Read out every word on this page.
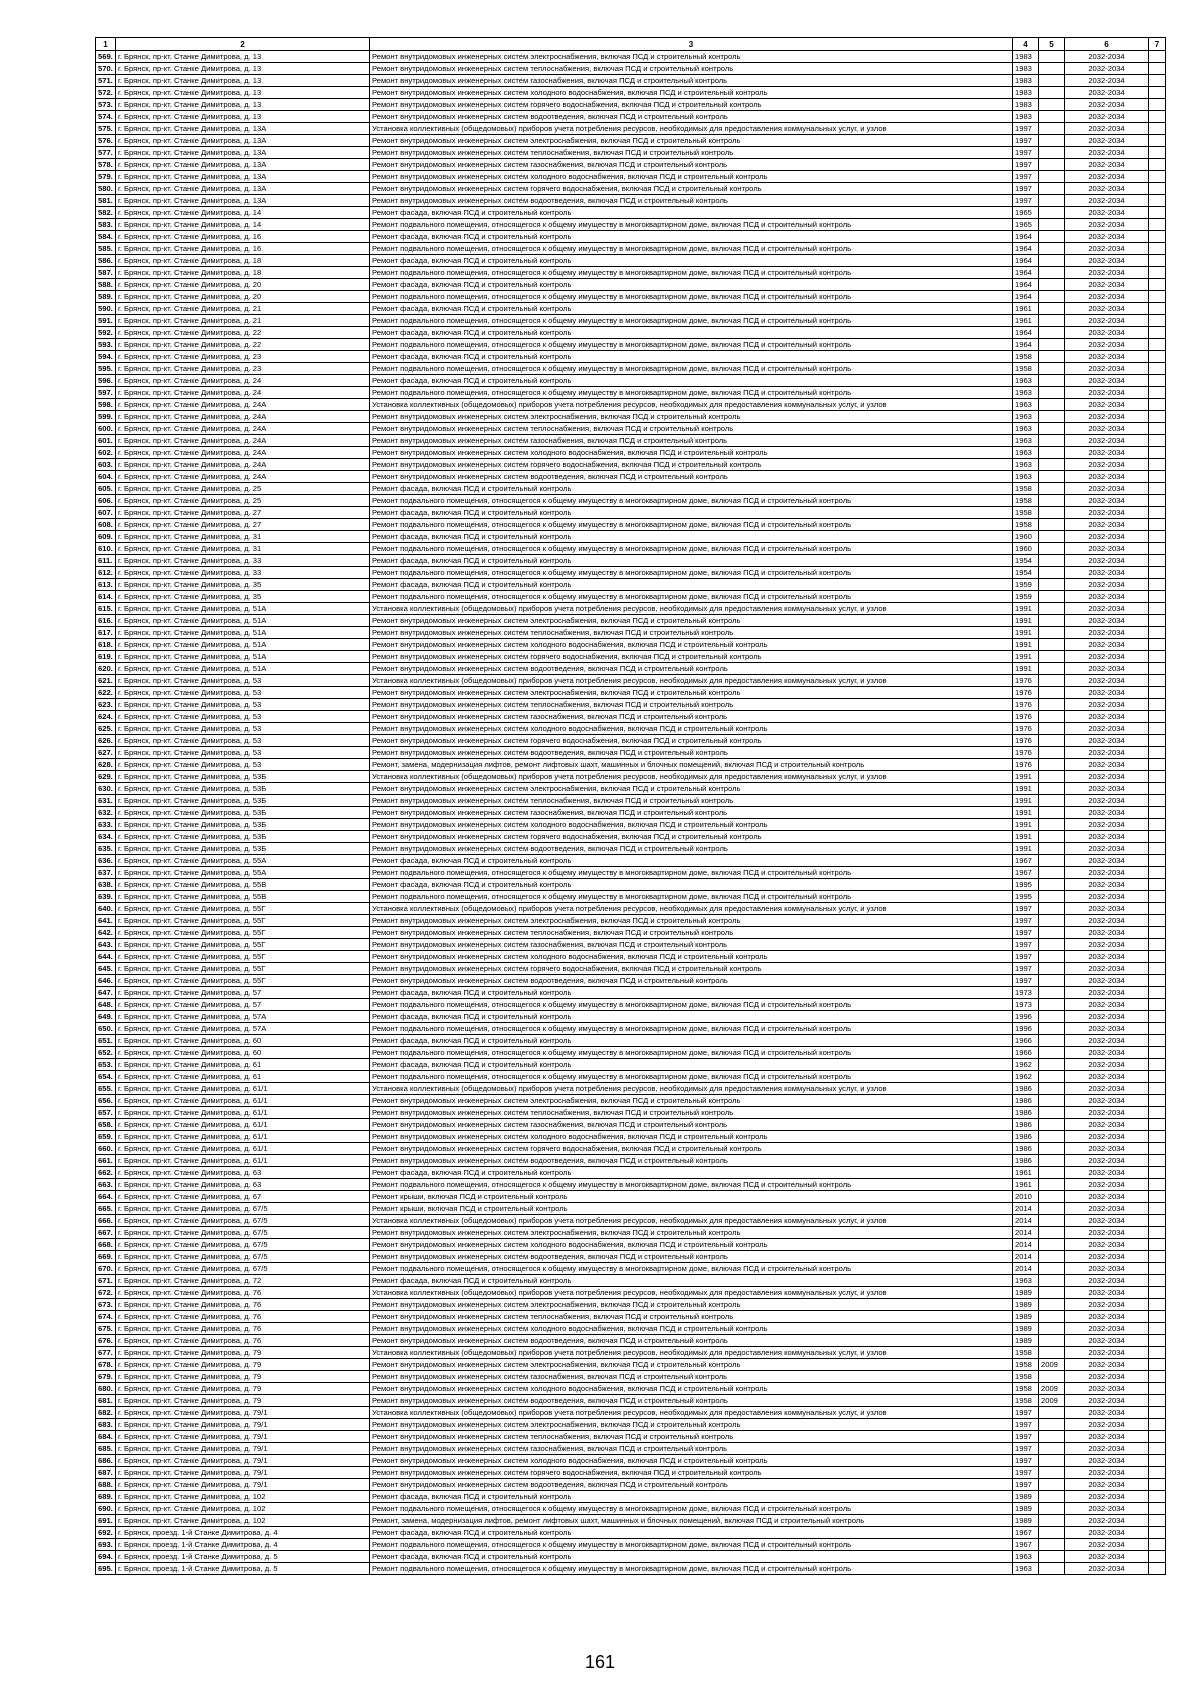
1	2	3	4	5	6	7
569.	г. Брянск, пр-кт. Станке Димитрова, д. 13	Ремонт внутридомовых инженерных систем электроснабжения, включая ПСД и строительный контроль	1983		2032-2034	
570.	г. Брянск, пр-кт. Станке Димитрова, д. 13	Ремонт внутридомовых инженерных систем теплоснабжения, включая ПСД и строительный контроль	1983		2032-2034	
571.	г. Брянск, пр-кт. Станке Димитрова, д. 13	Ремонт внутридомовых инженерных систем газоснабжения, включая ПСД и строительный контроль	1983		2032-2034	
572.	г. Брянск, пр-кт. Станке Димитрова, д. 13	Ремонт внутридомовых инженерных систем холодного водоснабжения, включая ПСД и строительный контроль	1983		2032-2034	
573.	г. Брянск, пр-кт. Станке Димитрова, д. 13	Ремонт внутридомовых инженерных систем горячего водоснабжения, включая ПСД и строительный контроль	1983		2032-2034	
574.	г. Брянск, пр-кт. Станке Димитрова, д. 13	Ремонт внутридомовых инженерных систем водоотведения, включая ПСД и строительный контроль	1983		2032-2034	
575.	г. Брянск, пр-кт. Станке Димитрова, д. 13А	Установка коллективных (общедомовых) приборов учета потребления ресурсов, необходимых для предоставления коммунальных услуг, и узлов	1997		2032-2034	
576.	г. Брянск, пр-кт. Станке Димитрова, д. 13А	Ремонт внутридомовых инженерных систем электроснабжения, включая ПСД и строительный контроль	1997		2032-2034	
577.	г. Брянск, пр-кт. Станке Димитрова, д. 13А	Ремонт внутридомовых инженерных систем теплоснабжения, включая ПСД и строительный контроль	1997		2032-2034	
578.	г. Брянск, пр-кт. Станке Димитрова, д. 13А	Ремонт внутридомовых инженерных систем газоснабжения, включая ПСД и строительный контроль	1997		2032-2034	
579.	г. Брянск, пр-кт. Станке Димитрова, д. 13А	Ремонт внутридомовых инженерных систем холодного водоснабжения, включая ПСД и строительный контроль	1997		2032-2034	
580.	г. Брянск, пр-кт. Станке Димитрова, д. 13А	Ремонт внутридомовых инженерных систем горячего водоснабжения, включая ПСД и строительный контроль	1997		2032-2034	
581.	г. Брянск, пр-кт. Станке Димитрова, д. 13А	Ремонт внутридомовых инженерных систем водоотведения, включая ПСД и строительный контроль	1997		2032-2034	
582.	г. Брянск, пр-кт. Станке Димитрова, д. 14	Ремонт фасада, включая ПСД и строительный контроль	1965		2032-2034	
583.	г. Брянск, пр-кт. Станке Димитрова, д. 14	Ремонт подвального помещения, относящегося к общему имуществу в многоквартирном доме, включая ПСД и строительный контроль	1965		2032-2034	
584.	г. Брянск, пр-кт. Станке Димитрова, д. 16	Ремонт фасада, включая ПСД и строительный контроль	1964		2032-2034	
585.	г. Брянск, пр-кт. Станке Димитрова, д. 16	Ремонт подвального помещения, относящегося к общему имуществу в многоквартирном доме, включая ПСД и строительный контроль	1964		2032-2034	
586.	г. Брянск, пр-кт. Станке Димитрова, д. 18	Ремонт фасада, включая ПСД и строительный контроль	1964		2032-2034	
587.	г. Брянск, пр-кт. Станке Димитрова, д. 18	Ремонт подвального помещения, относящегося к общему имуществу в многоквартирном доме, включая ПСД и строительный контроль	1964		2032-2034	
588.	г. Брянск, пр-кт. Станке Димитрова, д. 20	Ремонт фасада, включая ПСД и строительный контроль	1964		2032-2034	
589.	г. Брянск, пр-кт. Станке Димитрова, д. 20	Ремонт подвального помещения, относящегося к общему имуществу в многоквартирном доме, включая ПСД и строительный контроль	1964		2032-2034	
590.	г. Брянск, пр-кт. Станке Димитрова, д. 21	Ремонт фасада, включая ПСД и строительный контроль	1961		2032-2034	
591.	г. Брянск, пр-кт. Станке Димитрова, д. 21	Ремонт подвального помещения, относящегося к общему имуществу в многоквартирном доме, включая ПСД и строительный контроль	1961		2032-2034	
592.	г. Брянск, пр-кт. Станке Димитрова, д. 22	Ремонт фасада, включая ПСД и строительный контроль	1964		2032-2034	
593.	г. Брянск, пр-кт. Станке Димитрова, д. 22	Ремонт подвального помещения, относящегося к общему имуществу в многоквартирном доме, включая ПСД и строительный контроль	1964		2032-2034	
594.	г. Брянск, пр-кт. Станке Димитрова, д. 23	Ремонт фасада, включая ПСД и строительный контроль	1958		2032-2034	
595.	г. Брянск, пр-кт. Станке Димитрова, д. 23	Ремонт подвального помещения, относящегося к общему имуществу в многоквартирном доме, включая ПСД и строительный контроль	1958		2032-2034	
596.	г. Брянск, пр-кт. Станке Димитрова, д. 24	Ремонт фасада, включая ПСД и строительный контроль	1963		2032-2034	
597.	г. Брянск, пр-кт. Станке Димитрова, д. 24	Ремонт подвального помещения, относящегося к общему имуществу в многоквартирном доме, включая ПСД и строительный контроль	1963		2032-2034	
598.	г. Брянск, пр-кт. Станке Димитрова, д. 24А	Установка коллективных (общедомовых) приборов учета потребления ресурсов, необходимых для предоставления коммунальных услуг, и узлов	1963		2032-2034	
599.	г. Брянск, пр-кт. Станке Димитрова, д. 24А	Ремонт внутридомовых инженерных систем электроснабжения, включая ПСД и строительный контроль	1963		2032-2034	
600.	г. Брянск, пр-кт. Станке Димитрова, д. 24А	Ремонт внутридомовых инженерных систем теплоснабжения, включая ПСД и строительный контроль	1963		2032-2034	
601.	г. Брянск, пр-кт. Станке Димитрова, д. 24А	Ремонт внутридомовых инженерных систем газоснабжения, включая ПСД и строительный контроль	1963		2032-2034	
602.	г. Брянск, пр-кт. Станке Димитрова, д. 24А	Ремонт внутридомовых инженерных систем холодного водоснабжения, включая ПСД и строительный контроль	1963		2032-2034	
603.	г. Брянск, пр-кт. Станке Димитрова, д. 24А	Ремонт внутридомовых инженерных систем горячего водоснабжения, включая ПСД и строительный контроль	1963		2032-2034	
604.	г. Брянск, пр-кт. Станке Димитрова, д. 24А	Ремонт внутридомовых инженерных систем водоотведения, включая ПСД и строительный контроль	1963		2032-2034	
605.	г. Брянск, пр-кт. Станке Димитрова, д. 25	Ремонт фасада, включая ПСД и строительный контроль	1958		2032-2034	
606.	г. Брянск, пр-кт. Станке Димитрова, д. 25	Ремонт подвального помещения, относящегося к общему имуществу в многоквартирном доме, включая ПСД и строительный контроль	1958		2032-2034	
607.	г. Брянск, пр-кт. Станке Димитрова, д. 27	Ремонт фасада, включая ПСД и строительный контроль	1958		2032-2034	
608.	г. Брянск, пр-кт. Станке Димитрова, д. 27	Ремонт подвального помещения, относящегося к общему имуществу в многоквартирном доме, включая ПСД и строительный контроль	1958		2032-2034	
609.	г. Брянск, пр-кт. Станке Димитрова, д. 31	Ремонт фасада, включая ПСД и строительный контроль	1960		2032-2034	
610.	г. Брянск, пр-кт. Станке Димитрова, д. 31	Ремонт подвального помещения, относящегося к общему имуществу в многоквартирном доме, включая ПСД и строительный контроль	1960		2032-2034	
611.	г. Брянск, пр-кт. Станке Димитрова, д. 33	Ремонт фасада, включая ПСД и строительный контроль	1954		2032-2034	
612.	г. Брянск, пр-кт. Станке Димитрова, д. 33	Ремонт подвального помещения, относящегося к общему имуществу в многоквартирном доме, включая ПСД и строительный контроль	1954		2032-2034	
613.	г. Брянск, пр-кт. Станке Димитрова, д. 35	Ремонт фасада, включая ПСД и строительный контроль	1959		2032-2034	
614.	г. Брянск, пр-кт. Станке Димитрова, д. 35	Ремонт подвального помещения, относящегося к общему имуществу в многоквартирном доме, включая ПСД и строительный контроль	1959		2032-2034	
615.	г. Брянск, пр-кт. Станке Димитрова, д. 51А	Установка коллективных (общедомовых) приборов учета потребления ресурсов, необходимых для предоставления коммунальных услуг, и узлов	1991		2032-2034	
616.	г. Брянск, пр-кт. Станке Димитрова, д. 51А	Ремонт внутридомовых инженерных систем электроснабжения, включая ПСД и строительный контроль	1991		2032-2034	
617.	г. Брянск, пр-кт. Станке Димитрова, д. 51А	Ремонт внутридомовых инженерных систем теплоснабжения, включая ПСД и строительный контроль	1991		2032-2034	
618.	г. Брянск, пр-кт. Станке Димитрова, д. 51А	Ремонт внутридомовых инженерных систем холодного водоснабжения, включая ПСД и строительный контроль	1991		2032-2034	
619.	г. Брянск, пр-кт. Станке Димитрова, д. 51А	Ремонт внутридомовых инженерных систем горячего водоснабжения, включая ПСД и строительный контроль	1991		2032-2034	
620.	г. Брянск, пр-кт. Станке Димитрова, д. 51А	Ремонт внутридомовых инженерных систем водоотведения, включая ПСД и строительный контроль	1991		2032-2034	
621.	г. Брянск, пр-кт. Станке Димитрова, д. 53	Установка коллективных (общедомовых) приборов учета потребления ресурсов, необходимых для предоставления коммунальных услуг, и узлов	1976		2032-2034	
622.	г. Брянск, пр-кт. Станке Димитрова, д. 53	Ремонт внутридомовых инженерных систем электроснабжения, включая ПСД и строительный контроль	1976		2032-2034	
623.	г. Брянск, пр-кт. Станке Димитрова, д. 53	Ремонт внутридомовых инженерных систем теплоснабжения, включая ПСД и строительный контроль	1976		2032-2034	
624.	г. Брянск, пр-кт. Станке Димитрова, д. 53	Ремонт внутридомовых инженерных систем газоснабжения, включая ПСД и строительный контроль	1976		2032-2034	
625.	г. Брянск, пр-кт. Станке Димитрова, д. 53	Ремонт внутридомовых инженерных систем холодного водоснабжения, включая ПСД и строительный контроль	1976		2032-2034	
626.	г. Брянск, пр-кт. Станке Димитрова, д. 53	Ремонт внутридомовых инженерных систем горячего водоснабжения, включая ПСД и строительный контроль	1976		2032-2034	
627.	г. Брянск, пр-кт. Станке Димитрова, д. 53	Ремонт внутридомовых инженерных систем водоотведения, включая ПСД и строительный контроль	1976		2032-2034	
628.	г. Брянск, пр-кт. Станке Димитрова, д. 53	Ремонт, замена, модернизация лифтов, ремонт лифтовых шахт, машинных и блочных помещений, включая ПСД и строительный контроль	1976		2032-2034	
629.	г. Брянск, пр-кт. Станке Димитрова, д. 53Б	Установка коллективных (общедомовых) приборов учета потребления ресурсов, необходимых для предоставления коммунальных услуг, и узлов	1991		2032-2034	
630.	г. Брянск, пр-кт. Станке Димитрова, д. 53Б	Ремонт внутридомовых инженерных систем электроснабжения, включая ПСД и строительный контроль	1991		2032-2034	
631.	г. Брянск, пр-кт. Станке Димитрова, д. 53Б	Ремонт внутридомовых инженерных систем теплоснабжения, включая ПСД и строительный контроль	1991		2032-2034	
632.	г. Брянск, пр-кт. Станке Димитрова, д. 53Б	Ремонт внутридомовых инженерных систем газоснабжения, включая ПСД и строительный контроль	1991		2032-2034	
633.	г. Брянск, пр-кт. Станке Димитрова, д. 53Б	Ремонт внутридомовых инженерных систем холодного водоснабжения, включая ПСД и строительный контроль	1991		2032-2034	
634.	г. Брянск, пр-кт. Станке Димитрова, д. 53Б	Ремонт внутридомовых инженерных систем горячего водоснабжения, включая ПСД и строительный контроль	1991		2032-2034	
635.	г. Брянск, пр-кт. Станке Димитрова, д. 53Б	Ремонт внутридомовых инженерных систем водоотведения, включая ПСД и строительный контроль	1991		2032-2034	
636.	г. Брянск, пр-кт. Станке Димитрова, д. 55А	Ремонт фасада, включая ПСД и строительный контроль	1967		2032-2034	
637.	г. Брянск, пр-кт. Станке Димитрова, д. 55А	Ремонт подвального помещения, относящегося к общему имуществу в многоквартирном доме, включая ПСД и строительный контроль	1967		2032-2034	
638.	г. Брянск, пр-кт. Станке Димитрова, д. 55В	Ремонт фасада, включая ПСД и строительный контроль	1995		2032-2034	
639.	г. Брянск, пр-кт. Станке Димитрова, д. 55В	Ремонт подвального помещения, относящегося к общему имуществу в многоквартирном доме, включая ПСД и строительный контроль	1995		2032-2034	
640.	г. Брянск, пр-кт. Станке Димитрова, д. 55Г	Установка коллективных (общедомовых) приборов учета потребления ресурсов, необходимых для предоставления коммунальных услуг, и узлов	1997		2032-2034	
641.	г. Брянск, пр-кт. Станке Димитрова, д. 55Г	Ремонт внутридомовых инженерных систем электроснабжения, включая ПСД и строительный контроль	1997		2032-2034	
642.	г. Брянск, пр-кт. Станке Димитрова, д. 55Г	Ремонт внутридомовых инженерных систем теплоснабжения, включая ПСД и строительный контроль	1997		2032-2034	
643.	г. Брянск, пр-кт. Станке Димитрова, д. 55Г	Ремонт внутридомовых инженерных систем газоснабжения, включая ПСД и строительный контроль	1997		2032-2034	
644.	г. Брянск, пр-кт. Станке Димитрова, д. 55Г	Ремонт внутридомовых инженерных систем холодного водоснабжения, включая ПСД и строительный контроль	1997		2032-2034	
645.	г. Брянск, пр-кт. Станке Димитрова, д. 55Г	Ремонт внутридомовых инженерных систем горячего водоснабжения, включая ПСД и строительный контроль	1997		2032-2034	
646.	г. Брянск, пр-кт. Станке Димитрова, д. 55Г	Ремонт внутридомовых инженерных систем водоотведения, включая ПСД и строительный контроль	1997		2032-2034	
647.	г. Брянск, пр-кт. Станке Димитрова, д. 57	Ремонт фасада, включая ПСД и строительный контроль	1973		2032-2034	
648.	г. Брянск, пр-кт. Станке Димитрова, д. 57	Ремонт подвального помещения, относящегося к общему имуществу в многоквартирном доме, включая ПСД и строительный контроль	1973		2032-2034	
649.	г. Брянск, пр-кт. Станке Димитрова, д. 57А	Ремонт фасада, включая ПСД и строительный контроль	1996		2032-2034	
650.	г. Брянск, пр-кт. Станке Димитрова, д. 57А	Ремонт подвального помещения, относящегося к общему имуществу в многоквартирном доме, включая ПСД и строительный контроль	1996		2032-2034	
651.	г. Брянск, пр-кт. Станке Димитрова, д. 60	Ремонт фасада, включая ПСД и строительный контроль	1966		2032-2034	
652.	г. Брянск, пр-кт. Станке Димитрова, д. 60	Ремонт подвального помещения, относящегося к общему имуществу в многоквартирном доме, включая ПСД и строительный контроль	1966		2032-2034	
653.	г. Брянск, пр-кт. Станке Димитрова, д. 61	Ремонт фасада, включая ПСД и строительный контроль	1962		2032-2034	
654.	г. Брянск, пр-кт. Станке Димитрова, д. 61	Ремонт подвального помещения, относящегося к общему имуществу в многоквартирном доме, включая ПСД и строительный контроль	1962		2032-2034	
655.	г. Брянск, пр-кт. Станке Димитрова, д. 61/1	Установка коллективных (общедомовых) приборов учета потребления ресурсов, необходимых для предоставления коммунальных услуг, и узлов	1986		2032-2034	
656.	г. Брянск, пр-кт. Станке Димитрова, д. 61/1	Ремонт внутридомовых инженерных систем электроснабжения, включая ПСД и строительный контроль	1986		2032-2034	
657.	г. Брянск, пр-кт. Станке Димитрова, д. 61/1	Ремонт внутридомовых инженерных систем теплоснабжения, включая ПСД и строительный контроль	1986		2032-2034	
658.	г. Брянск, пр-кт. Станке Димитрова, д. 61/1	Ремонт внутридомовых инженерных систем газоснабжения, включая ПСД и строительный контроль	1986		2032-2034	
659.	г. Брянск, пр-кт. Станке Димитрова, д. 61/1	Ремонт внутридомовых инженерных систем холодного водоснабжения, включая ПСД и строительный контроль	1986		2032-2034	
660.	г. Брянск, пр-кт. Станке Димитрова, д. 61/1	Ремонт внутридомовых инженерных систем горячего водоснабжения, включая ПСД и строительный контроль	1986		2032-2034	
661.	г. Брянск, пр-кт. Станке Димитрова, д. 61/1	Ремонт внутридомовых инженерных систем водоотведения, включая ПСД и строительный контроль	1986		2032-2034	
662.	г. Брянск, пр-кт. Станке Димитрова, д. 63	Ремонт фасада, включая ПСД и строительный контроль	1961		2032-2034	
663.	г. Брянск, пр-кт. Станке Димитрова, д. 63	Ремонт подвального помещения, относящегося к общему имуществу в многоквартирном доме, включая ПСД и строительный контроль	1961		2032-2034	
664.	г. Брянск, пр-кт. Станке Димитрова, д. 67	Ремонт крыши, включая ПСД и строительный контроль	2010		2032-2034	
665.	г. Брянск, пр-кт. Станке Димитрова, д. 67/5	Ремонт крыши, включая ПСД и строительный контроль	2014		2032-2034	
666.	г. Брянск, пр-кт. Станке Димитрова, д. 67/5	Установка коллективных (общедомовых) приборов учета потребления ресурсов, необходимых для предоставления коммунальных услуг, и узлов	2014		2032-2034	
667.	г. Брянск, пр-кт. Станке Димитрова, д. 67/5	Ремонт внутридомовых инженерных систем электроснабжения, включая ПСД и строительный контроль	2014		2032-2034	
668.	г. Брянск, пр-кт. Станке Димитрова, д. 67/5	Ремонт внутридомовых инженерных систем холодного водоснабжения, включая ПСД и строительный контроль	2014		2032-2034	
669.	г. Брянск, пр-кт. Станке Димитрова, д. 67/5	Ремонт внутридомовых инженерных систем водоотведения, включая ПСД и строительный контроль	2014		2032-2034	
670.	г. Брянск, пр-кт. Станке Димитрова, д. 67/5	Ремонт подвального помещения, относящегося к общему имуществу в многоквартирном доме, включая ПСД и строительный контроль	2014		2032-2034	
671.	г. Брянск, пр-кт. Станке Димитрова, д. 72	Ремонт фасада, включая ПСД и строительный контроль	1963		2032-2034	
672.	г. Брянск, пр-кт. Станке Димитрова, д. 76	Установка коллективных (общедомовых) приборов учета потребления ресурсов, необходимых для предоставления коммунальных услуг, и узлов	1989		2032-2034	
673.	г. Брянск, пр-кт. Станке Димитрова, д. 76	Ремонт внутридомовых инженерных систем электроснабжения, включая ПСД и строительный контроль	1989		2032-2034	
674.	г. Брянск, пр-кт. Станке Димитрова, д. 76	Ремонт внутридомовых инженерных систем теплоснабжения, включая ПСД и строительный контроль	1989		2032-2034	
675.	г. Брянск, пр-кт. Станке Димитрова, д. 76	Ремонт внутридомовых инженерных систем холодного водоснабжения, включая ПСД и строительный контроль	1989		2032-2034	
676.	г. Брянск, пр-кт. Станке Димитрова, д. 76	Ремонт внутридомовых инженерных систем водоотведения, включая ПСД и строительный контроль	1989		2032-2034	
677.	г. Брянск, пр-кт. Станке Димитрова, д. 79	Установка коллективных (общедомовых) приборов учета потребления ресурсов, необходимых для предоставления коммунальных услуг, и узлов	1958		2032-2034	
678.	г. Брянск, пр-кт. Станке Димитрова, д. 79	Ремонт внутридомовых инженерных систем электроснабжения, включая ПСД и строительный контроль	1958	2009	2032-2034	
679.	г. Брянск, пр-кт. Станке Димитрова, д. 79	Ремонт внутридомовых инженерных систем газоснабжения, включая ПСД и строительный контроль	1958		2032-2034	
680.	г. Брянск, пр-кт. Станке Димитрова, д. 79	Ремонт внутридомовых инженерных систем холодного водоснабжения, включая ПСД и строительный контроль	1958	2009	2032-2034	
681.	г. Брянск, пр-кт. Станке Димитрова, д. 79	Ремонт внутридомовых инженерных систем водоотведения, включая ПСД и строительный контроль	1958	2009	2032-2034	
682.	г. Брянск, пр-кт. Станке Димитрова, д. 79/1	Установка коллективных (общедомовых) приборов учета потребления ресурсов, необходимых для предоставления коммунальных услуг, и узлов	1997		2032-2034	
683.	г. Брянск, пр-кт. Станке Димитрова, д. 79/1	Ремонт внутридомовых инженерных систем электроснабжения, включая ПСД и строительный контроль	1997		2032-2034	
684.	г. Брянск, пр-кт. Станке Димитрова, д. 79/1	Ремонт внутридомовых инженерных систем теплоснабжения, включая ПСД и строительный контроль	1997		2032-2034	
685.	г. Брянск, пр-кт. Станке Димитрова, д. 79/1	Ремонт внутридомовых инженерных систем газоснабжения, включая ПСД и строительный контроль	1997		2032-2034	
686.	г. Брянск, пр-кт. Станке Димитрова, д. 79/1	Ремонт внутридомовых инженерных систем холодного водоснабжения, включая ПСД и строительный контроль	1997		2032-2034	
687.	г. Брянск, пр-кт. Станке Димитрова, д. 79/1	Ремонт внутридомовых инженерных систем горячего водоснабжения, включая ПСД и строительный контроль	1997		2032-2034	
688.	г. Брянск, пр-кт. Станке Димитрова, д. 79/1	Ремонт внутридомовых инженерных систем водоотведения, включая ПСД и строительный контроль	1997		2032-2034	
689.	г. Брянск, пр-кт. Станке Димитрова, д. 102	Ремонт фасада, включая ПСД и строительный контроль	1989		2032-2034	
690.	г. Брянск, пр-кт. Станке Димитрова, д. 102	Ремонт подвального помещения, относящегося к общему имуществу в многоквартирном доме, включая ПСД и строительный контроль	1989		2032-2034	
691.	г. Брянск, пр-кт. Станке Димитрова, д. 102	Ремонт, замена, модернизация лифтов, ремонт лифтовых шахт, машинных и блочных помещений, включая ПСД и строительный контроль	1989		2032-2034	
692.	г. Брянск, проезд. 1-й Станке Димитрова, д. 4	Ремонт фасада, включая ПСД и строительный контроль	1967		2032-2034	
693.	г. Брянск, проезд. 1-й Станке Димитрова, д. 4	Ремонт подвального помещения, относящегося к общему имуществу в многоквартирном доме, включая ПСД и строительный контроль	1967		2032-2034	
694.	г. Брянск, проезд. 1-й Станке Димитрова, д. 5	Ремонт фасада, включая ПСД и строительный контроль	1963		2032-2034	
695.	г. Брянск, проезд. 1-й Станке Димитрова, д. 5	Ремонт подвального помещения, относящегося к общему имуществу в многоквартирном доме, включая ПСД и строительный контроль	1963		2032-2034	
161
